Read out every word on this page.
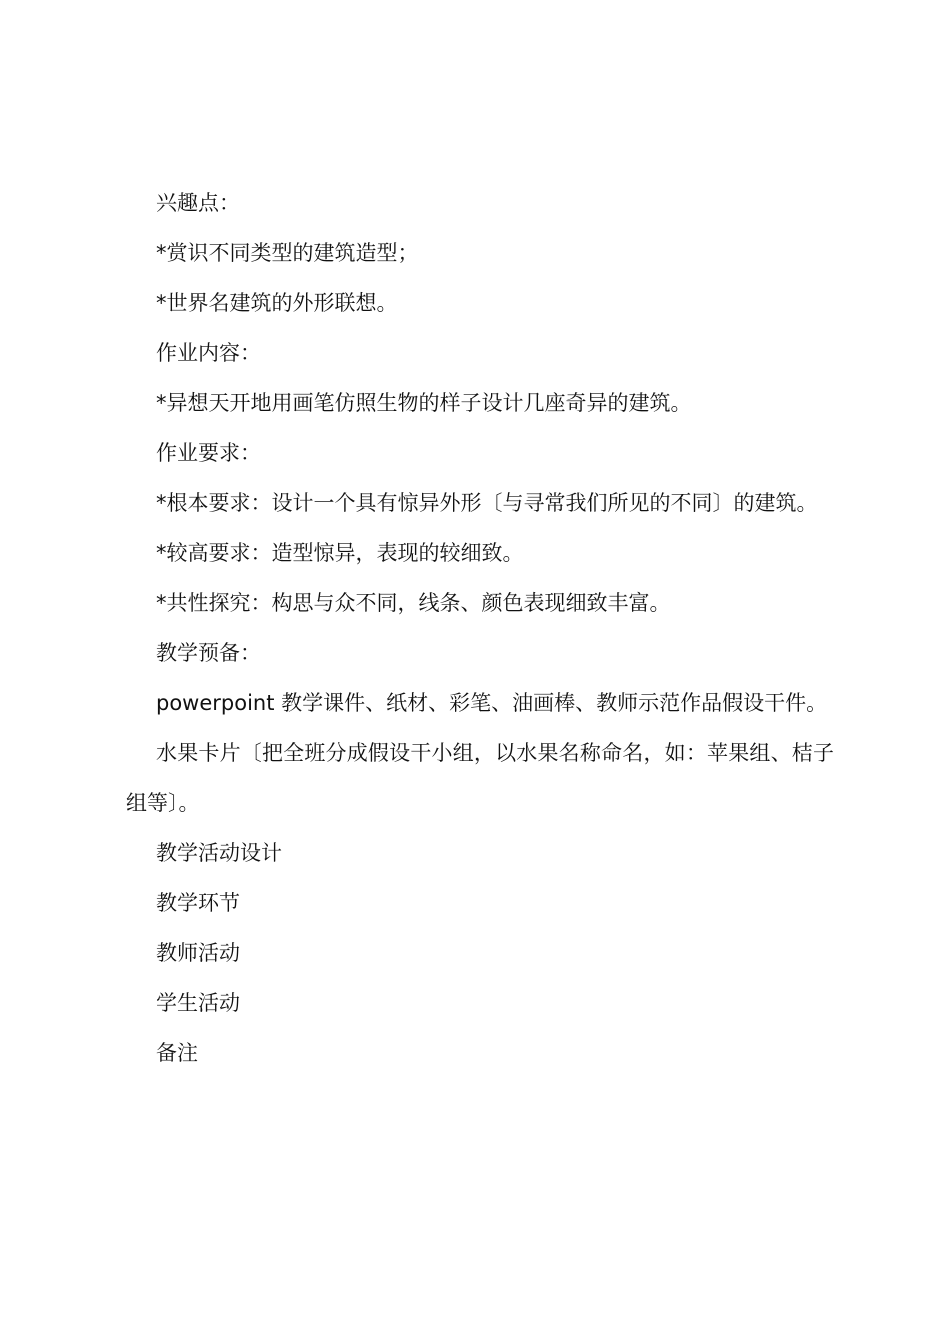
兴趣点：

*赏识不同类型的建筑造型；

*世界名建筑的外形联想。

作业内容：

*异想天开地用画笔仿照生物的样子设计几座奇异的建筑。

作业要求：

*根本要求：设计一个具有惊异外形〔与寻常我们所见的不同〕的建筑。

*较高要求：造型惊异，表现的较细致。

*共性探究：构思与众不同，线条、颜色表现细致丰富。

教学预备：

powerpoint 教学课件、纸材、彩笔、油画棒、教师示范作品假设干件。

水果卡片〔把全班分成假设干小组，以水果名称命名，如：苹果组、桔子组等〕。

教学活动设计

教学环节

教师活动

学生活动

备注
